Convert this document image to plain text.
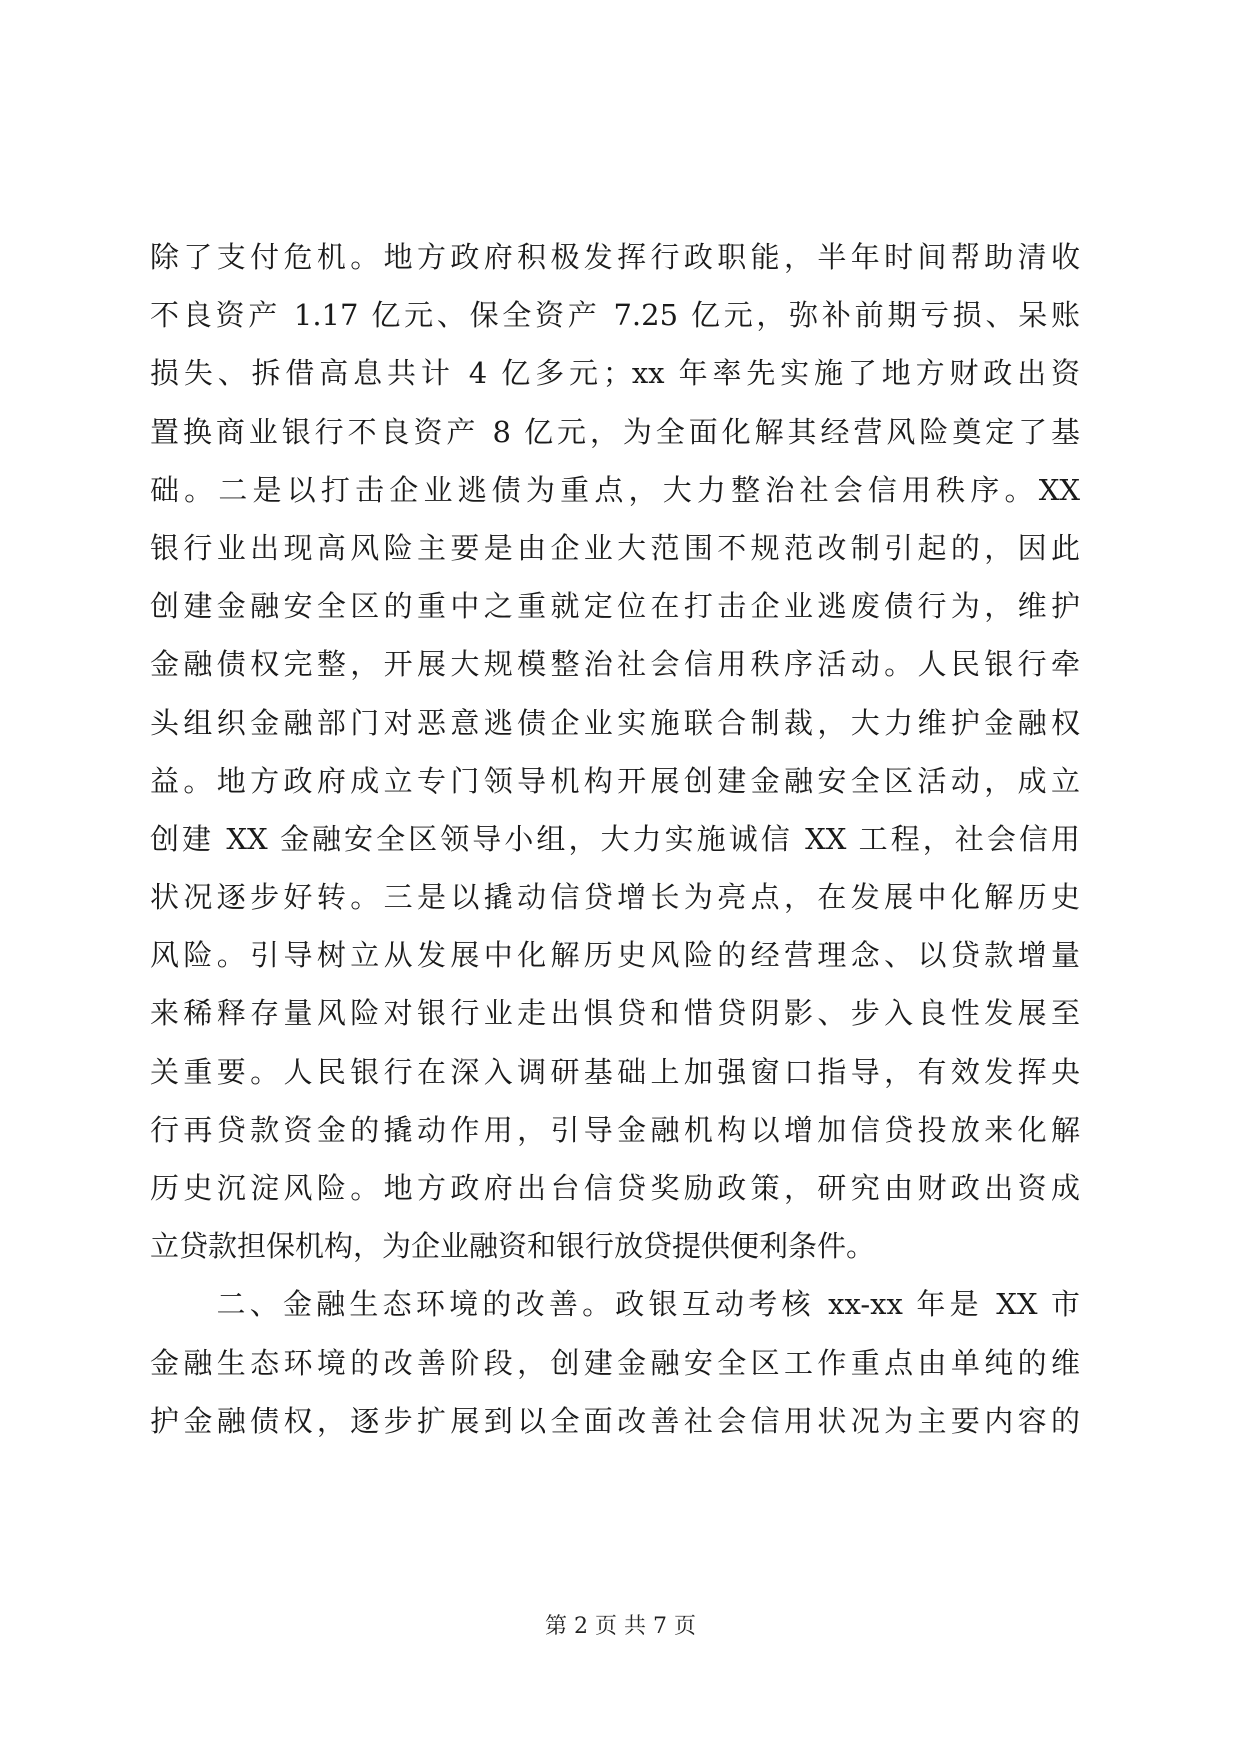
除了支付危机。地方政府积极发挥行政职能，半年时间帮助清收
不良资产 1.17 亿元、保全资产 7.25 亿元，弥补前期亏损、呆账
损失、拆借高息共计 4 亿多元；xx 年率先实施了地方财政出资
置换商业银行不良资产 8 亿元，为全面化解其经营风险奠定了基
础。二是以打击企业逃债为重点，大力整治社会信用秩序。XX
银行业出现高风险主要是由企业大范围不规范改制引起的，因此
创建金融安全区的重中之重就定位在打击企业逃废债行为，维护
金融债权完整，开展大规模整治社会信用秩序活动。人民银行牵
头组织金融部门对恶意逃债企业实施联合制裁，大力维护金融权
益。地方政府成立专门领导机构开展创建金融安全区活动，成立
创建 XX 金融安全区领导小组，大力实施诚信 XX 工程，社会信用
状况逐步好转。三是以撬动信贷增长为亮点，在发展中化解历史
风险。引导树立从发展中化解历史风险的经营理念、以贷款增量
来稀释存量风险对银行业走出惧贷和惜贷阴影、步入良性发展至
关重要。人民银行在深入调研基础上加强窗口指导，有效发挥央
行再贷款资金的撬动作用，引导金融机构以增加信贷投放来化解
历史沉淀风险。地方政府出台信贷奖励政策，研究由财政出资成
立贷款担保机构，为企业融资和银行放贷提供便利条件。
　　二、金融生态环境的改善。政银互动考核 xx-xx 年是 XX 市
金融生态环境的改善阶段，创建金融安全区工作重点由单纯的维
护金融债权，逐步扩展到以全面改善社会信用状况为主要内容的
第 2 页 共 7 页
